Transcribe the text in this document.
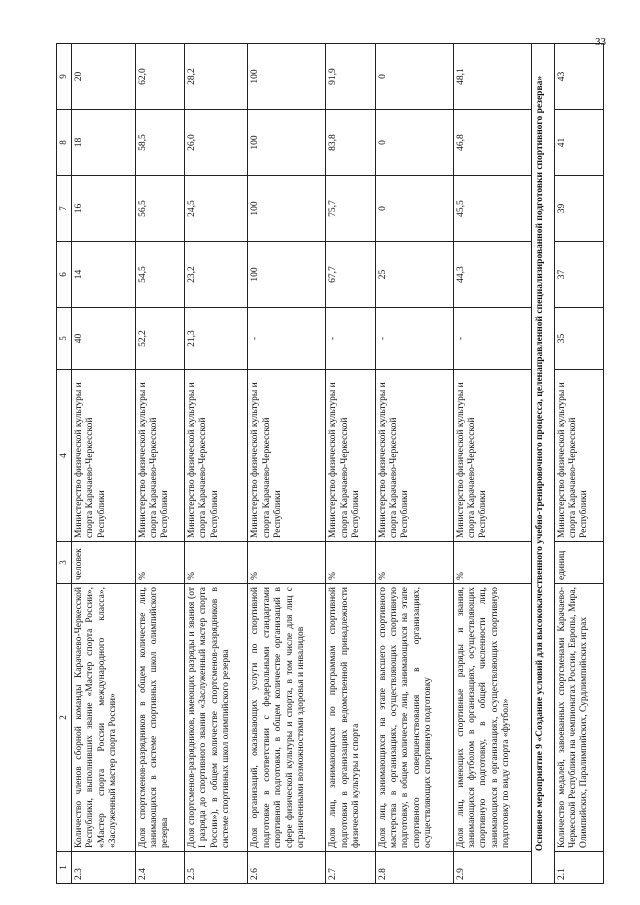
33
1	2	3	4	5	6	7	8	9
2.3	Количество членов сборной команды Карачаево-Черкесской Республики, выполнивших звание «Мастер спорта России», «Мастер спорта России международного класса», «Заслуженный мастер спорта России»	человек	Министерство физической культуры и спорта Карачаево-Черкесской Республики	40	14	16	18	20
2.4	Доля спортсменов-разрядников в общем количестве лиц, занимающихся в системе спортивных школ олимпийского резерва	%	Министерство физической культуры и спорта Карачаево-Черкесской Республики	52,2	54,5	56,5	58,5	62,0
2.5	Доля спортсменов-разрядников, имеющих разряды и звания (от I разряда до спортивного звания «Заслуженный мастер спорта России»), в общем количестве спортсменов-разрядников в системе спортивных школ олимпийского резерва	%	Министерство физической культуры и спорта Карачаево-Черкесской Республики	21,3	23,2	24,5	26,0	28,2
2.6	Доля организаций, оказывающих услуги по спортивной подготовке в соответствии с федеральными стандартами спортивной подготовки, в общем количестве организаций в сфере физической культуры и спорта, в том числе для лиц с ограниченными возможностями здоровья и инвалидов	%	Министерство физической культуры и спорта Карачаево-Черкесской Республики	-	100	100	100	100
2.7	Доля лиц, занимающихся по программам спортивной подготовки в организациях ведомственной принадлежности физической культуры и спорта	%	Министерство физической культуры и спорта Карачаево-Черкесской Республики	-	67,7	75,7	83,8	91,9
2.8	Доля лиц, занимающихся на этапе высшего спортивного мастерства в организациях, осуществляющих спортивную подготовку, в общем количестве лиц, занимающихся на этапе спортивного совершенствования в организациях, осуществляющих спортивную подготовку	%	Министерство физической культуры и спорта Карачаево-Черкесской Республики	-	25	0	0	0
2.9	Доля лиц, имеющих спортивные разряды и звания, занимающихся футболом в организациях, осуществляющих спортивную подготовку, в общей численности лиц, занимающихся в организациях, осуществляющих спортивную подготовку по виду спорта «футбол»	%	Министерство физической культуры и спорта Карачаево-Черкесской Республики	-	44,3	45,5	46,8	48,1
Основное мероприятие 9 «Создание условий для высококачественного учебно-тренировочного процесса, целенаправленной специализированной подготовки спортивного резерва»								
2.1	Количество медалей, завоеванных спортсменами Карачаево-Черкесской Республики на чемпионатах России, Европы, Мира, Олимпийских, Паралимпийских, Сурдлимпийских играх	единиц	Министерство физической культуры и спорта Карачаево-Черкесской Республики	35	37	39	41	43
